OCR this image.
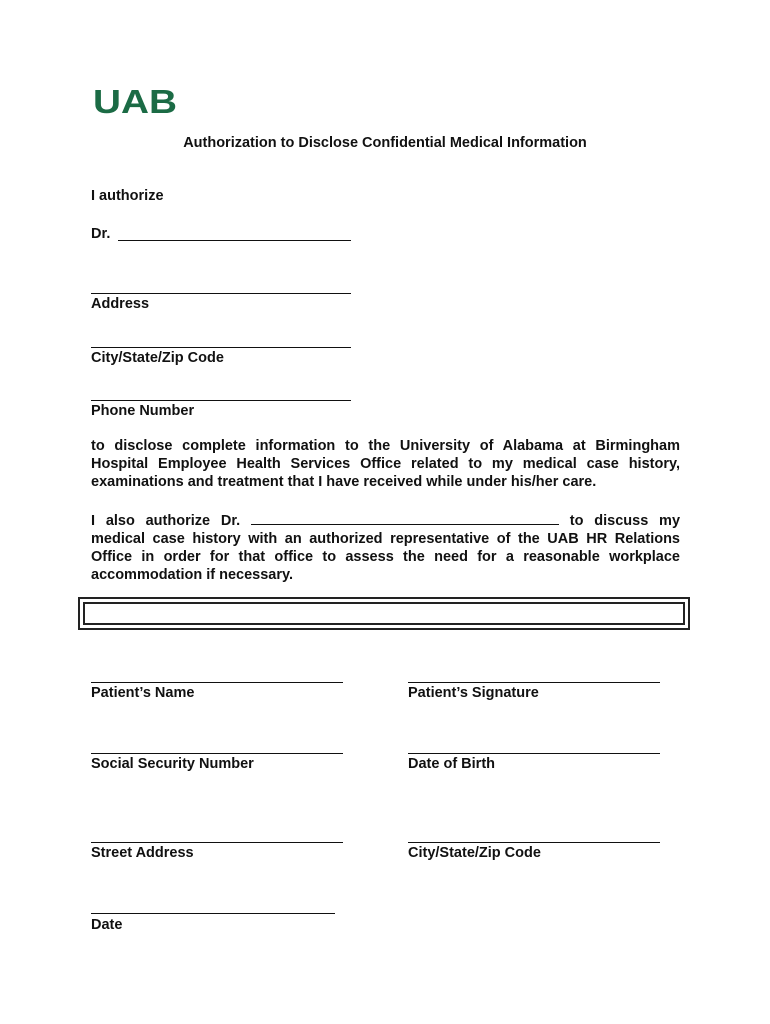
UAB
Authorization to Disclose Confidential Medical Information
I authorize
Dr.
Address
City/State/Zip Code
Phone Number
to disclose complete information to the University of Alabama at Birmingham Hospital Employee Health Services Office related to my medical case history, examinations and treatment that I have received while under his/her care.
I also authorize Dr.	to discuss my medical case history with an authorized representative of the UAB HR Relations Office in order for that office to assess the need for a reasonable workplace accommodation if necessary.
Patient’s Name	Patient’s Signature
Social Security Number	Date of Birth
Street Address	City/State/Zip Code
Date
